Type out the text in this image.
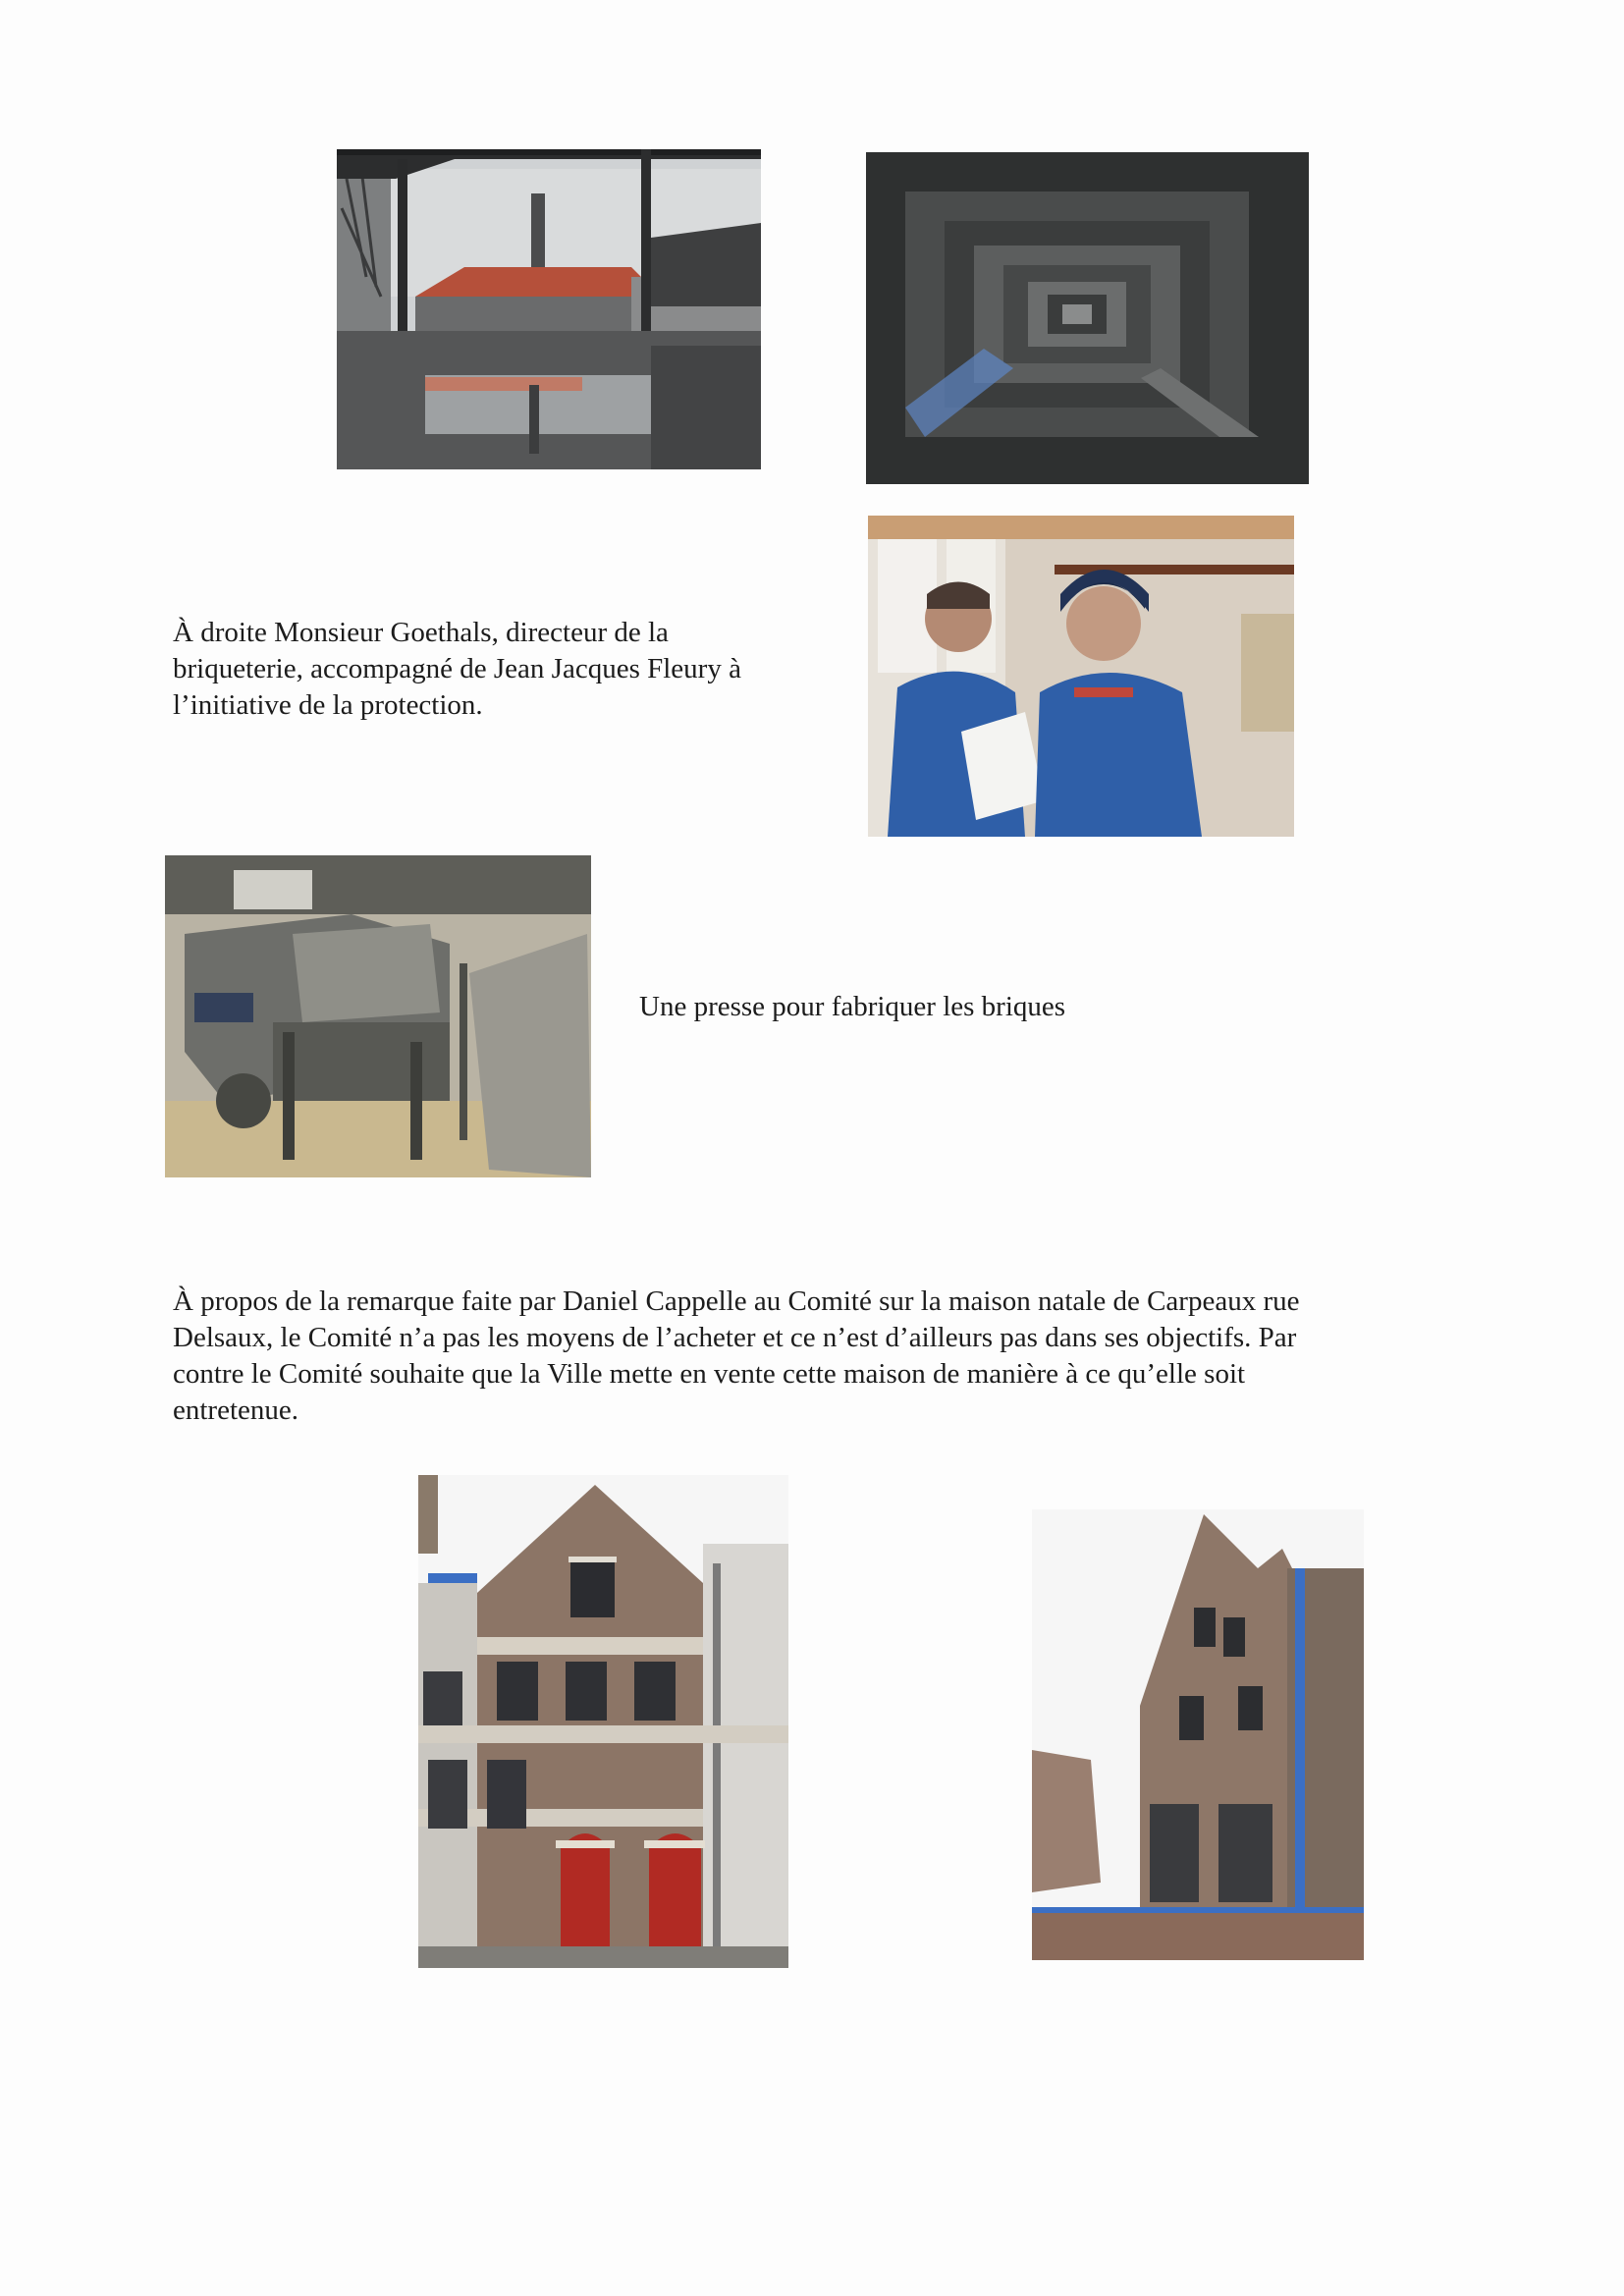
À droite Monsieur Goethals, directeur de la
briqueterie, accompagné de Jean Jacques Fleury à
l’initiative de la protection.

Une presse pour fabriquer les briques

À propos de la remarque faite par Daniel Cappelle au Comité sur la maison natale de Carpeaux rue
Delsaux, le Comité n’a pas les moyens de l’acheter et ce n’est d’ailleurs pas dans ses objectifs. Par
contre le Comité souhaite que la Ville mette en vente cette maison de manière à ce qu’elle soit
entretenue.
